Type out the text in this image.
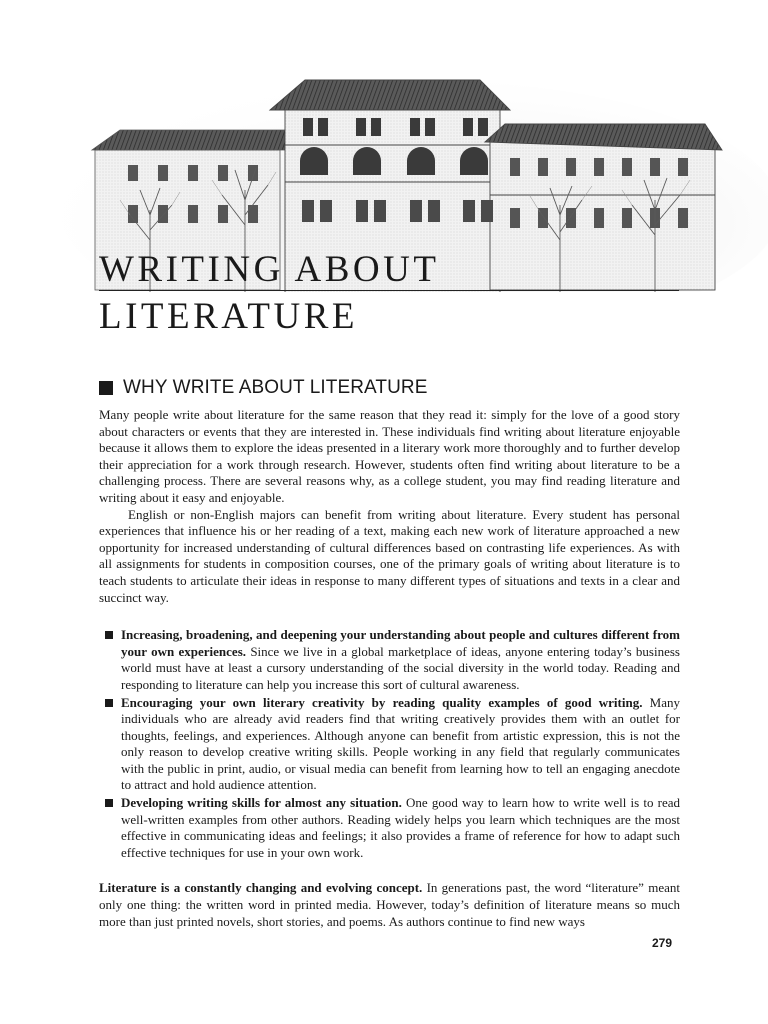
WRITING ABOUT
LITERATURE
WHY WRITE ABOUT LITERATURE

Many people write about literature for the same reason that they read it: simply for the love of a good story about characters or events that they are interested in. These individuals find writing about literature enjoyable because it allows them to explore the ideas presented in a literary work more thoroughly and to further develop their appreciation for a work through research. However, students often find writing about literature to be a challenging process. There are several reasons why, as a college student, you may find reading literature and writing about it easy and enjoyable.

English or non-English majors can benefit from writing about literature. Every student has personal experiences that influence his or her reading of a text, making each new work of literature approached a new opportunity for increased understanding of cultural differences based on contrasting life experiences. As with all assignments for students in composition courses, one of the primary goals of writing about literature is to teach students to articulate their ideas in response to many different types of situations and texts in a clear and succinct way.

Increasing, broadening, and deepening your understanding about people and cultures different from your own experiences. Since we live in a global marketplace of ideas, anyone entering today’s business world must have at least a cursory understanding of the social diversity in the world today. Reading and responding to literature can help you increase this sort of cultural awareness.
Encouraging your own literary creativity by reading quality examples of good writing. Many individuals who are already avid readers find that writing creatively provides them with an outlet for thoughts, feelings, and experiences. Although anyone can benefit from artistic expression, this is not the only reason to develop creative writing skills. People working in any field that regularly communicates with the public in print, audio, or visual media can benefit from learning how to tell an engaging anecdote to attract and hold audience attention.
Developing writing skills for almost any situation. One good way to learn how to write well is to read well-written examples from other authors. Reading widely helps you learn which techniques are the most effective in communicating ideas and feelings; it also provides a frame of reference for how to adapt such effective techniques for use in your own work.

Literature is a constantly changing and evolving concept. In generations past, the word “literature” meant only one thing: the written word in printed media. However, today’s definition of literature means so much more than just printed novels, short stories, and poems. As authors continue to find new ways

279
